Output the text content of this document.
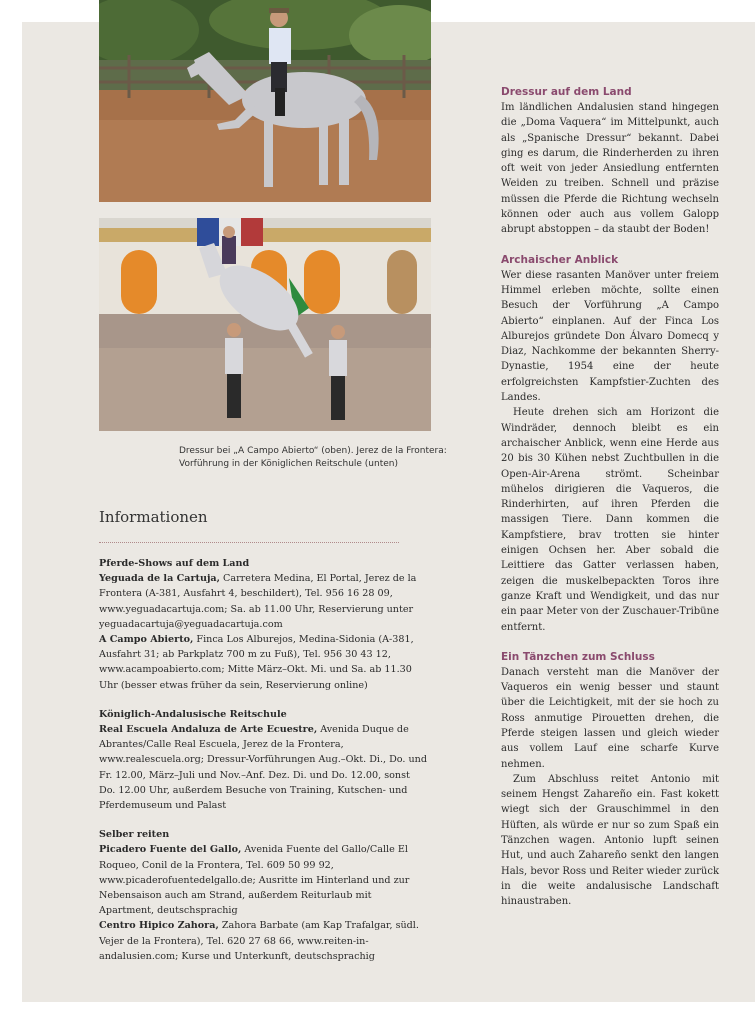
Dressur bei „A Campo Abierto“ (oben). Jerez de la Frontera:

Vorführung in der Königlichen Reitschule (unten)

Informationen
Pferde-Shows auf dem Land

Yeguada de la Cartuja, Carretera Medina, El Portal, Jerez de la Frontera (A-381, Ausfahrt 4, beschildert), Tel. 956 16 28 09, www.yeguadacartuja.com; Sa. ab 11.00 Uhr, Reservierung unter yeguadacartuja@yeguadacartuja.com

A Campo Abierto, Finca Los Alburejos, Medina-Sidonia (A-381, Ausfahrt 31; ab Parkplatz 700 m zu Fuß), Tel. 956 30 43 12, www.acampoabierto.com; Mitte März–Okt. Mi. und Sa. ab 11.30 Uhr (besser etwas früher da sein, Reservierung online)

Königlich-Andalusische Reitschule

Real Escuela Andaluza de Arte Ecuestre, Avenida Duque de Abrantes/Calle Real Escuela, Jerez de la Frontera, www.realescuela.org; Dressur-Vorführungen Aug.–Okt. Di., Do. und Fr. 12.00, März–Juli und Nov.–Anf. Dez. Di. und Do. 12.00, sonst Do. 12.00 Uhr, außerdem Besuche von Training, Kutschen- und Pferdemuseum und Palast

Selber reiten

Picadero Fuente del Gallo, Avenida Fuente del Gallo/Calle El Roqueo, Conil de la Frontera, Tel. 609 50 99 92, www.picaderofuentedelgallo.de; Ausritte im Hinterland und zur Nebensaison auch am Strand, außerdem Reiturlaub mit Apartment, deutschsprachig

Centro Hipico Zahora, Zahora Barbate (am Kap Trafalgar, südl. Vejer de la Frontera), Tel. 620 27 68 66, www.reiten-in-andalusien.com; Kurse und Unterkunft, deutschsprachig

Dressur auf dem Land

Im ländlichen Andalusien stand hingegen die „Doma Vaquera“ im Mittelpunkt, auch als „Spanische Dressur“ bekannt. Dabei ging es darum, die Rinderherden zu ihren oft weit von jeder Ansiedlung entfernten Weiden zu treiben. Schnell und präzise müssen die Pferde die Richtung wechseln können oder auch aus vollem Galopp abrupt abstoppen – da staubt der Boden!

Archaischer Anblick

Wer diese rasanten Manöver unter freiem Himmel erleben möchte, sollte einen Besuch der Vorführung „A Campo Abierto“ einplanen. Auf der Finca Los Alburejos gründete Don Álvaro Domecq y Diaz, Nachkomme der bekannten Sherry-Dynastie, 1954 eine der heute erfolgreichsten Kampfstier-Zuchten des Landes.

Heute drehen sich am Horizont die Windräder, dennoch bleibt es ein archaischer Anblick, wenn eine Herde aus 20 bis 30 Kühen nebst Zuchtbullen in die Open-Air-Arena strömt. Scheinbar mühelos dirigieren die Vaqueros, die Rinderhirten, auf ihren Pferden die massigen Tiere. Dann kommen die Kampfstiere, brav trotten sie hinter einigen Ochsen her. Aber sobald die Leittiere das Gatter verlassen haben, zeigen die muskelbepackten Toros ihre ganze Kraft und Wendigkeit, und das nur ein paar Meter von der Zuschauer-Tribüne entfernt.

Ein Tänzchen zum Schluss

Danach versteht man die Manöver der Vaqueros ein wenig besser und staunt über die Leichtigkeit, mit der sie hoch zu Ross anmutige Pirouetten drehen, die Pferde steigen lassen und gleich wieder aus vollem Lauf eine scharfe Kurve nehmen.

Zum Abschluss reitet Antonio mit seinem Hengst Zahareño ein. Fast kokett wiegt sich der Grauschimmel in den Hüften, als würde er nur so zum Spaß ein Tänzchen wagen. Antonio lupft seinen Hut, und auch Zahareño senkt den langen Hals, bevor Ross und Reiter wieder zurück in die weite andalusische Landschaft hinaustraben.
